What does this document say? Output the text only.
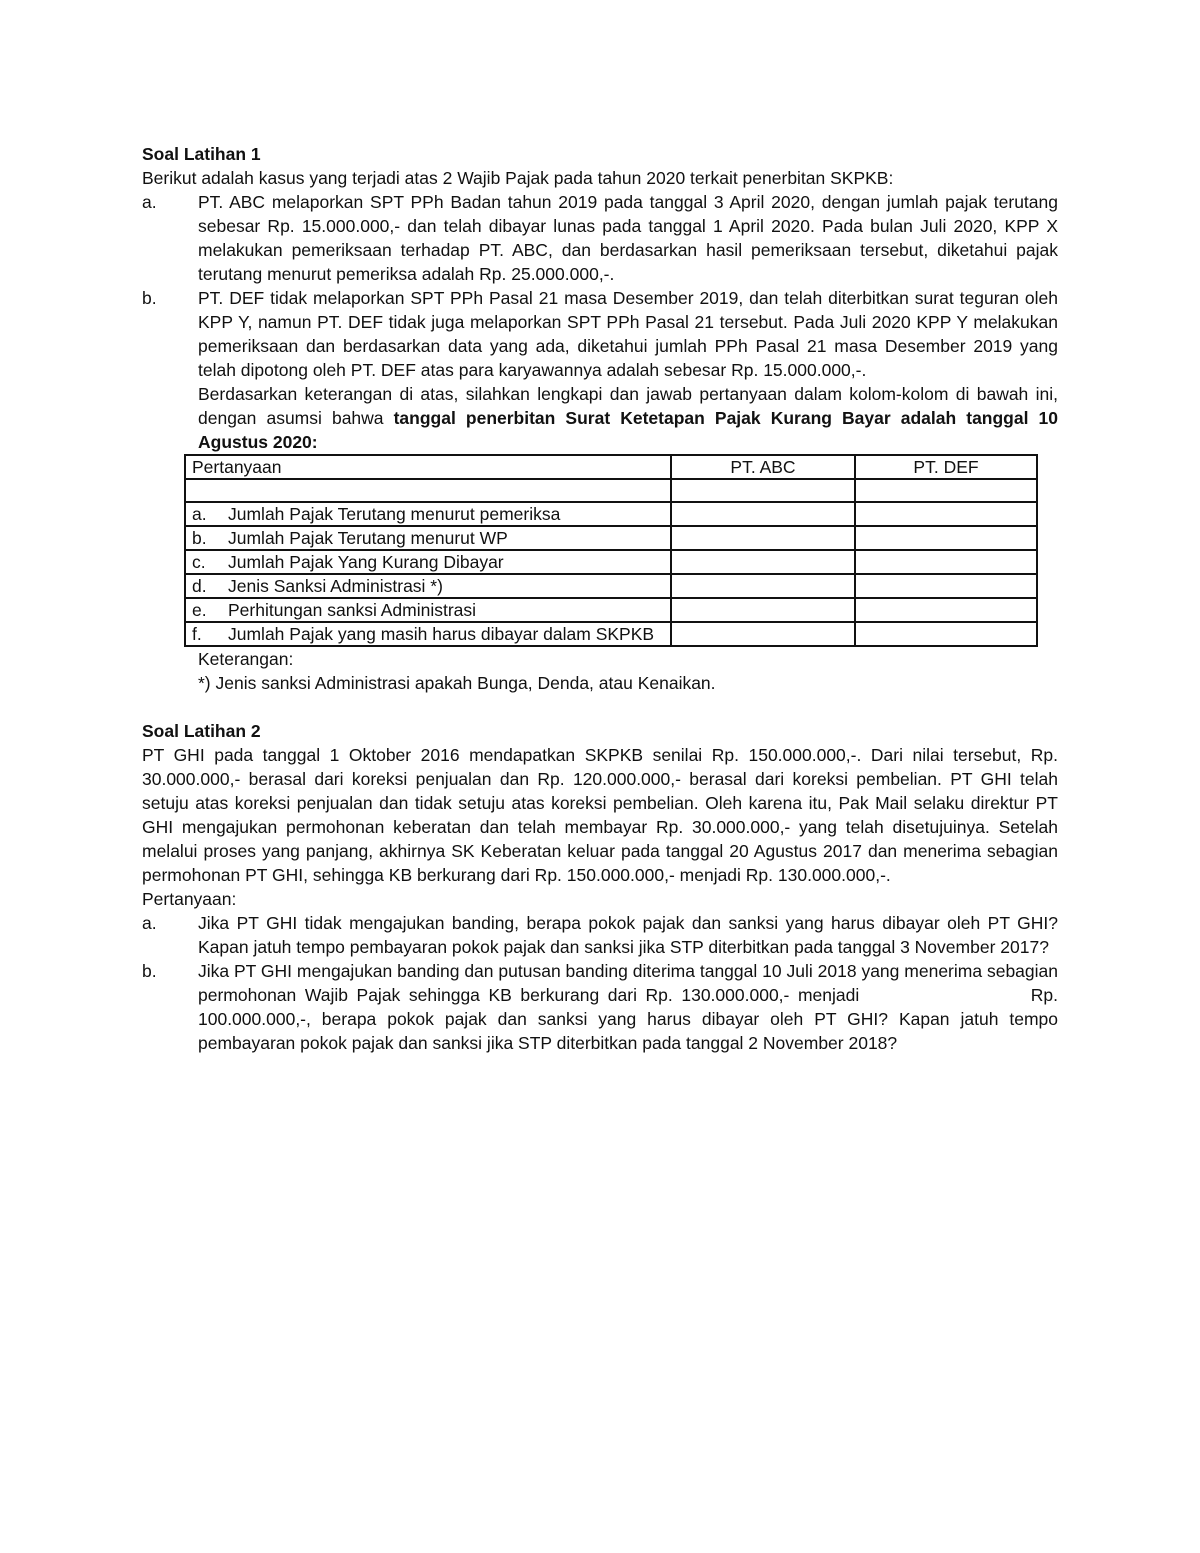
Soal Latihan 1

Berikut adalah kasus yang terjadi atas 2 Wajib Pajak pada tahun 2020 terkait penerbitan SKPKB:

a.	PT. ABC melaporkan SPT PPh Badan tahun 2019 pada tanggal 3 April 2020, dengan jumlah pajak terutang sebesar Rp. 15.000.000,- dan telah dibayar lunas pada tanggal 1 April 2020. Pada bulan Juli 2020, KPP X melakukan pemeriksaan terhadap PT. ABC, dan berdasarkan hasil pemeriksaan tersebut, diketahui pajak terutang menurut pemeriksa adalah Rp. 25.000.000,-.
b.	PT. DEF tidak melaporkan SPT PPh Pasal 21 masa Desember 2019, dan telah diterbitkan surat teguran oleh KPP Y, namun PT. DEF tidak juga melaporkan SPT PPh Pasal 21 tersebut. Pada Juli 2020 KPP Y melakukan pemeriksaan dan berdasarkan data yang ada, diketahui jumlah PPh Pasal 21 masa Desember 2019 yang telah dipotong oleh PT. DEF atas para karyawannya adalah sebesar Rp. 15.000.000,-.

Berdasarkan keterangan di atas, silahkan lengkapi dan jawab pertanyaan dalam kolom-kolom di bawah ini, dengan asumsi bahwa tanggal penerbitan Surat Ketetapan Pajak Kurang Bayar adalah tanggal 10 Agustus 2020:

Pertanyaan	PT. ABC	PT. DEF

a. Jumlah Pajak Terutang menurut pemeriksa		

b. Jumlah Pajak Terutang menurut WP		

c. Jumlah Pajak Yang Kurang Dibayar		

d. Jenis Sanksi Administrasi *)		

e. Perhitungan sanksi Administrasi		

f. Jumlah Pajak yang masih harus dibayar dalam SKPKB		

Keterangan:

*) Jenis sanksi Administrasi apakah Bunga, Denda, atau Kenaikan.

Soal Latihan 2

PT GHI pada tanggal 1 Oktober 2016 mendapatkan SKPKB senilai Rp. 150.000.000,-. Dari nilai tersebut, Rp. 30.000.000,- berasal dari koreksi penjualan dan Rp. 120.000.000,- berasal dari koreksi pembelian. PT GHI telah setuju atas koreksi penjualan dan tidak setuju atas koreksi pembelian. Oleh karena itu, Pak Mail selaku direktur PT GHI mengajukan permohonan keberatan dan telah membayar Rp. 30.000.000,- yang telah disetujuinya. Setelah melalui proses yang panjang, akhirnya SK Keberatan keluar pada tanggal 20 Agustus 2017 dan menerima sebagian permohonan PT GHI, sehingga KB berkurang dari Rp. 150.000.000,- menjadi Rp. 130.000.000,-.

Pertanyaan:

a.	Jika PT GHI tidak mengajukan banding, berapa pokok pajak dan sanksi yang harus dibayar oleh PT GHI? Kapan jatuh tempo pembayaran pokok pajak dan sanksi jika STP diterbitkan pada tanggal 3 November 2017?
b.	Jika PT GHI mengajukan banding dan putusan banding diterima tanggal 10 Juli 2018 yang menerima sebagian permohonan Wajib Pajak sehingga KB berkurang dari Rp. 130.000.000,- menjadi                    Rp. 100.000.000,-, berapa pokok pajak dan sanksi yang harus dibayar oleh PT GHI? Kapan jatuh tempo pembayaran pokok pajak dan sanksi jika STP diterbitkan pada tanggal 2 November 2018?
